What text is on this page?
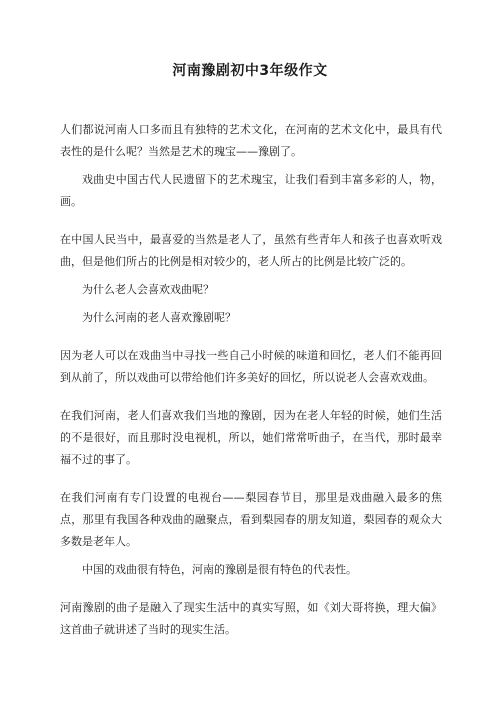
河南豫剧初中3年级作文

人们都说河南人口多而且有独特的艺术文化，在河南的艺术文化中，最具有代表性的是什么呢？当然是艺术的瑰宝——豫剧了。

戏曲史中国古代人民遗留下的艺术瑰宝，让我们看到丰富多彩的人，物，画。

在中国人民当中，最喜爱的当然是老人了，虽然有些青年人和孩子也喜欢听戏曲，但是他们所占的比例是相对较少的，老人所占的比例是比较广泛的。

为什么老人会喜欢戏曲呢？

为什么河南的老人喜欢豫剧呢？

因为老人可以在戏曲当中寻找一些自己小时候的味道和回忆，老人们不能再回到从前了，所以戏曲可以带给他们许多美好的回忆，所以说老人会喜欢戏曲。

在我们河南，老人们喜欢我们当地的豫剧，因为在老人年轻的时候，她们生活的不是很好，而且那时没电视机，所以，她们常常听曲子，在当代，那时最幸福不过的事了。

在我们河南有专门设置的电视台——梨园春节目，那里是戏曲融入最多的焦点，那里有我国各种戏曲的融聚点，看到梨园春的朋友知道，梨园春的观众大多数是老年人。

中国的戏曲很有特色，河南的豫剧是很有特色的代表性。

河南豫剧的曲子是融入了现实生活中的真实写照，如《刘大哥将换，理大偏》这首曲子就讲述了当时的现实生活。
